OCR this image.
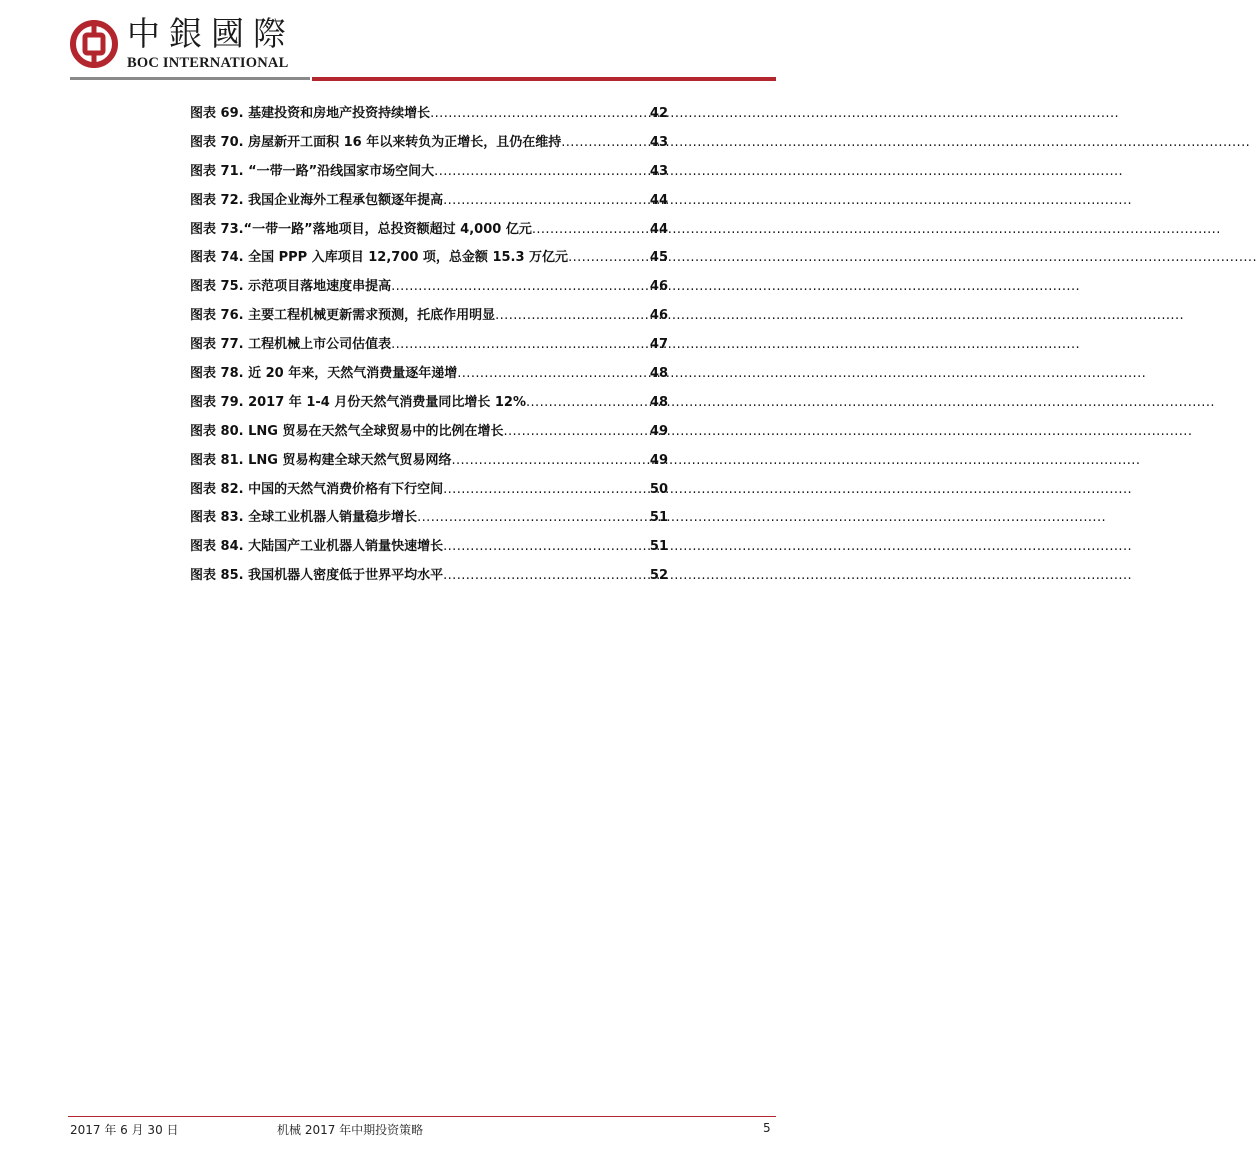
中銀國際
BOC INTERNATIONAL
图表 69. 基建投资和房地产投资持续增长 .....	42
图表 70. 房屋新开工面积 16 年以来转负为正增长，且仍在维持 .....	43
图表 71. “一带一路”沿线国家市场空间大 .....	43
图表 72. 我国企业海外工程承包额逐年提高 .....	44
图表 73.“一带一路”落地项目，总投资额超过 4,000 亿元 .....	44
图表 74. 全国 PPP 入库项目 12,700 项，总金额 15.3 万亿元 .....	45
图表 75. 示范项目落地速度串提高 .....	46
图表 76. 主要工程机械更新需求预测，托底作用明显 .....	46
图表 77. 工程机械上市公司估值表 .....	47
图表 78. 近 20 年来，天然气消费量逐年递增 .....	48
图表 79. 2017 年 1-4 月份天然气消费量同比增长 12% .....	48
图表 80. LNG 贸易在天然气全球贸易中的比例在增长 .....	49
图表 81. LNG 贸易构建全球天然气贸易网络 .....	49
图表 82. 中国的天然气消费价格有下行空间 .....	50
图表 83. 全球工业机器人销量稳步增长 .....	51
图表 84. 大陆国产工业机器人销量快速增长 .....	51
图表 85. 我国机器人密度低于世界平均水平 .....	52
2017 年 6 月 30 日	机械 2017 年中期投资策略	5
